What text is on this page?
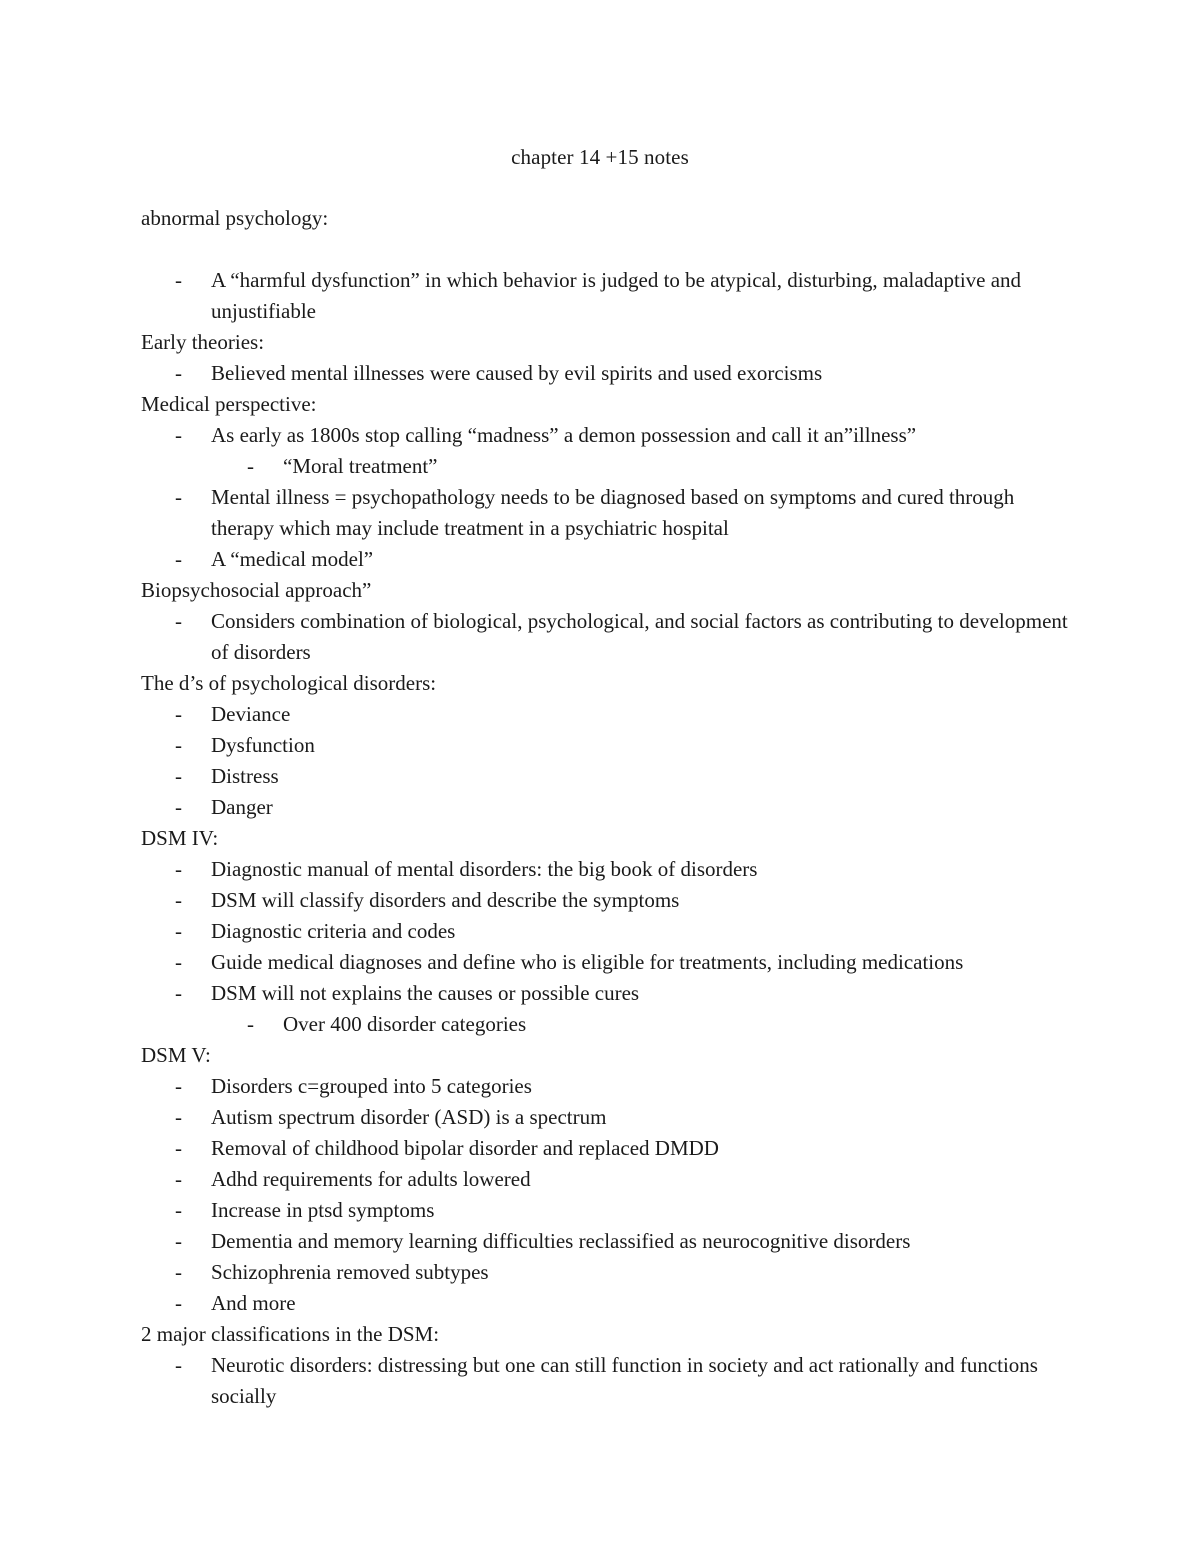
chapter 14 +15 notes
abnormal psychology:
- A “harmful dysfunction” in which behavior is judged to be atypical, disturbing, maladaptive and unjustifiable
Early theories:
- Believed mental illnesses were caused by evil spirits and used exorcisms
Medical perspective:
- As early as 1800s stop calling “madness” a demon possession and call it an”illness”
- “Moral treatment”
- Mental illness = psychopathology needs to be diagnosed based on symptoms and cured through therapy which may include treatment in a psychiatric hospital
- A “medical model”
Biopsychosocial approach”
- Considers combination of biological, psychological, and social factors as contributing to development of disorders
The d’s of psychological disorders:
- Deviance
- Dysfunction
- Distress
- Danger
DSM IV:
- Diagnostic manual of mental disorders: the big book of disorders
- DSM will classify disorders and describe the symptoms
- Diagnostic criteria and codes
- Guide medical diagnoses and define who is eligible for treatments, including medications
- DSM will not explains the causes or possible cures
- Over 400 disorder categories
DSM V:
- Disorders c=grouped into 5 categories
- Autism spectrum disorder (ASD) is a spectrum
- Removal of childhood bipolar disorder and replaced DMDD
- Adhd requirements for adults lowered
- Increase in ptsd symptoms
- Dementia and memory learning difficulties reclassified as neurocognitive disorders
- Schizophrenia removed subtypes
- And more
2 major classifications in the DSM:
- Neurotic disorders: distressing but one can still function in society and act rationally and functions socially
